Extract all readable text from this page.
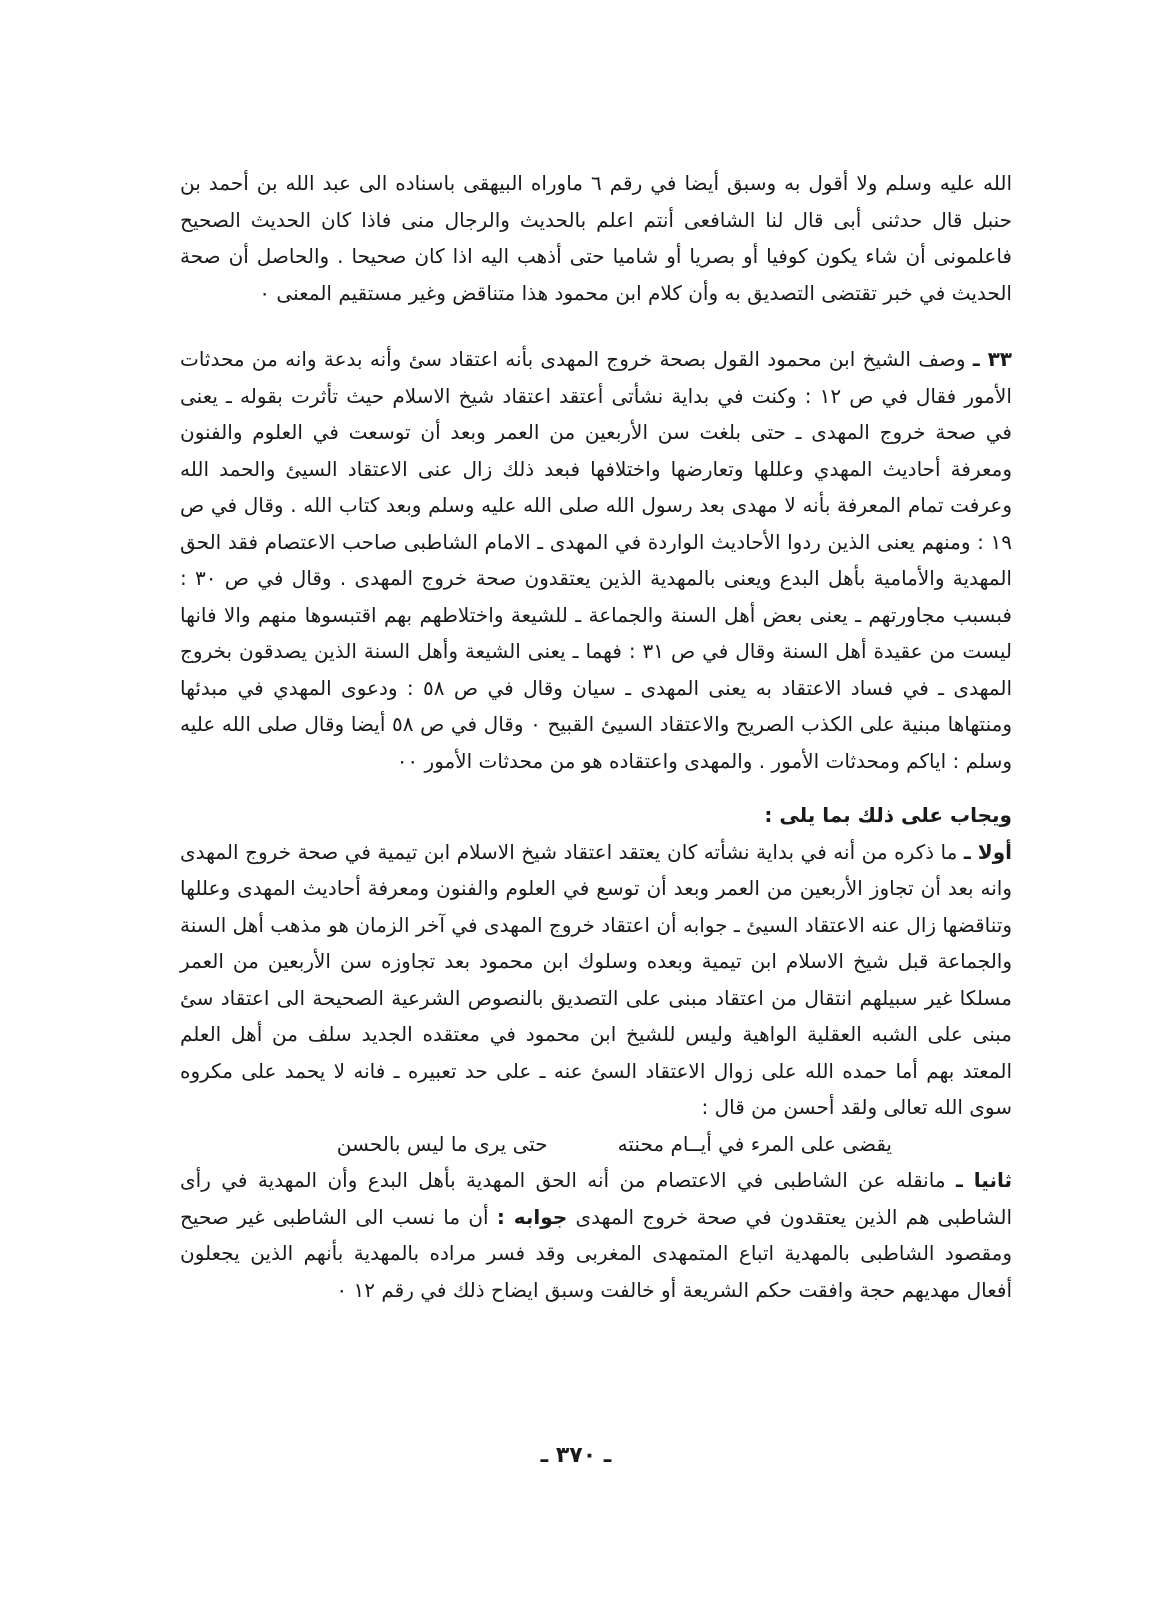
الله عليه وسلم ولا أقول به وسبق أيضا في رقم ٦ ماوراه البيهقى باسناده الى عبد الله بن أحمد بن حنبل قال حدثنى أبى قال لنا الشافعى أنتم اعلم بالحديث والرجال منى فاذا كان الحديث الصحيح فاعلمونى أن شاء يكون كوفيا أو بصريا أو شاميا حتى أذهب اليه اذا كان صحيحا . والحاصل أن صحة الحديث في خبر تقتضى التصديق به وأن كلام ابن محمود هذا متناقض وغير مستقيم المعنى ٠

٣٣ ـ وصف الشيخ ابن محمود القول بصحة خروج المهدى بأنه اعتقاد سئ وأنه بدعة وانه من محدثات الأمور فقال في ص ١٢ : وكنت في بداية نشأتى أعتقد اعتقاد شيخ الاسلام حيث تأثرت بقوله ـ يعنى في صحة خروج المهدى ـ حتى بلغت سن الأربعين من العمر وبعد أن توسعت في العلوم والفنون ومعرفة أحاديث المهدي وعللها وتعارضها واختلافها فبعد ذلك زال عنى الاعتقاد السيئ والحمد الله وعرفت تمام المعرفة بأنه لا مهدى بعد رسول الله صلى الله عليه وسلم وبعد كتاب الله . وقال في ص ١٩ : ومنهم يعنى الذين ردوا الأحاديث الواردة في المهدى ـ الامام الشاطبى صاحب الاعتصام فقد الحق المهدية والأمامية بأهل البدع ويعنى بالمهدية الذين يعتقدون صحة خروج المهدى . وقال في ص ٣٠ : فبسبب مجاورتهم ـ يعنى بعض أهل السنة والجماعة ـ للشيعة واختلاطهم بهم اقتبسوها منهم والا فانها ليست من عقيدة أهل السنة وقال في ص ٣١ : فهما ـ يعنى الشيعة وأهل السنة الذين يصدقون بخروج المهدى ـ في فساد الاعتقاد به يعنى المهدى ـ سيان وقال في ص ٥٨ : ودعوى المهدي في مبدئها ومنتهاها مبنية على الكذب الصريح والاعتقاد السيئ القبيح ٠ وقال في ص ٥٨ أيضا وقال صلى الله عليه وسلم : اياكم ومحدثات الأمور . والمهدى واعتقاده هو من محدثات الأمور ٠٠

ويجاب على ذلك بما يلى :

أولا ـ ما ذكره من أنه في بداية نشأته كان يعتقد اعتقاد شيخ الاسلام ابن تيمية في صحة خروج المهدى وانه بعد أن تجاوز الأربعين من العمر وبعد أن توسع في العلوم والفنون ومعرفة أحاديث المهدى وعللها وتناقضها زال عنه الاعتقاد السيئ ـ جوابه أن اعتقاد خروج المهدى في آخر الزمان هو مذهب أهل السنة والجماعة قبل شيخ الاسلام ابن تيمية وبعده وسلوك ابن محمود بعد تجاوزه سن الأربعين من العمر مسلكا غير سبيلهم انتقال من اعتقاد مبنى على التصديق بالنصوص الشرعية الصحيحة الى اعتقاد سئ مبنى على الشبه العقلية الواهية وليس للشيخ ابن محمود في معتقده الجديد سلف من أهل العلم المعتد بهم أما حمده الله على زوال الاعتقاد السئ عنه ـ على حد تعبيره ـ فانه لا يحمد على مكروه سوى الله تعالى ولقد أحسن من قال :

يقضى على المرء في أيــام محنته
حتى يرى ما ليس بالحسن

ثانيا ـ مانقله عن الشاطبى في الاعتصام من أنه الحق المهدية بأهل البدع وأن المهدية في رأى الشاطبى هم الذين يعتقدون في صحة خروج المهدى جوابه : أن ما نسب الى الشاطبى غير صحيح ومقصود الشاطبى بالمهدية اتباع المتمهدى المغربى وقد فسر مراده بالمهدية بأنهم الذين يجعلون أفعال مهديهم حجة وافقت حكم الشريعة أو خالفت وسبق ايضاح ذلك في رقم ١٢ ٠

ـ ٣٧٠ ـ
